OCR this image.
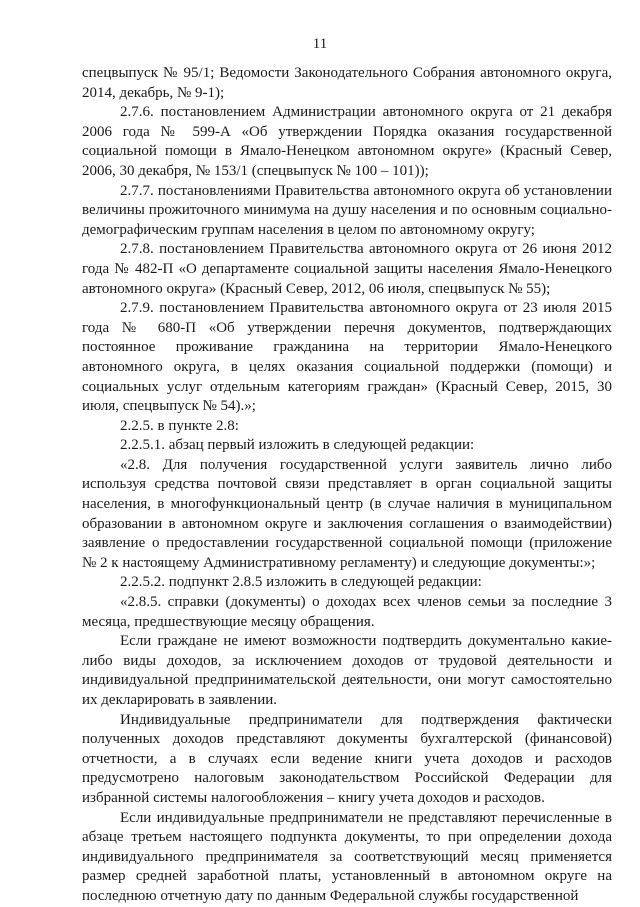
11

спецвыпуск № 95/1; Ведомости Законодательного Собрания автономного округа, 2014, декабрь, № 9-1);

2.7.6. постановлением Администрации автономного округа от 21 декабря 2006 года № 599-А «Об утверждении Порядка оказания государственной социальной помощи в Ямало-Ненецком автономном округе» (Красный Север, 2006, 30 декабря, № 153/1 (спецвыпуск № 100 – 101));

2.7.7. постановлениями Правительства автономного округа об установлении величины прожиточного минимума на душу населения и по основным социально-демографическим группам населения в целом по автономному округу;

2.7.8. постановлением Правительства автономного округа от 26 июня 2012 года № 482-П «О департаменте социальной защиты населения Ямало-Ненецкого автономного округа» (Красный Север, 2012, 06 июля, спецвыпуск № 55);

2.7.9. постановлением Правительства автономного округа от 23 июля 2015 года № 680-П «Об утверждении перечня документов, подтверждающих постоянное проживание гражданина на территории Ямало-Ненецкого автономного округа, в целях оказания социальной поддержки (помощи) и социальных услуг отдельным категориям граждан» (Красный Север, 2015, 30 июля, спецвыпуск № 54).»;

2.2.5. в пункте 2.8:

2.2.5.1. абзац первый изложить в следующей редакции:

«2.8. Для получения государственной услуги заявитель лично либо используя средства почтовой связи представляет в орган социальной защиты населения, в многофункциональный центр (в случае наличия в муниципальном образовании в автономном округе и заключения соглашения о взаимодействии) заявление о предоставлении государственной социальной помощи (приложение № 2 к настоящему Административному регламенту) и следующие документы:»;

2.2.5.2. подпункт 2.8.5 изложить в следующей редакции:

«2.8.5. справки (документы) о доходах всех членов семьи за последние 3 месяца, предшествующие месяцу обращения.

Если граждане не имеют возможности подтвердить документально какие-либо виды доходов, за исключением доходов от трудовой деятельности и индивидуальной предпринимательской деятельности, они могут самостоятельно их декларировать в заявлении.

Индивидуальные предприниматели для подтверждения фактически полученных доходов представляют документы бухгалтерской (финансовой) отчетности, а в случаях если ведение книги учета доходов и расходов предусмотрено налоговым законодательством Российской Федерации для избранной системы налогообложения – книгу учета доходов и расходов.

Если индивидуальные предприниматели не представляют перечисленные в абзаце третьем настоящего подпункта документы, то при определении дохода индивидуального предпринимателя за соответствующий месяц применяется размер средней заработной платы, установленный в автономном округе на последнюю отчетную дату по данным Федеральной службы государственной
